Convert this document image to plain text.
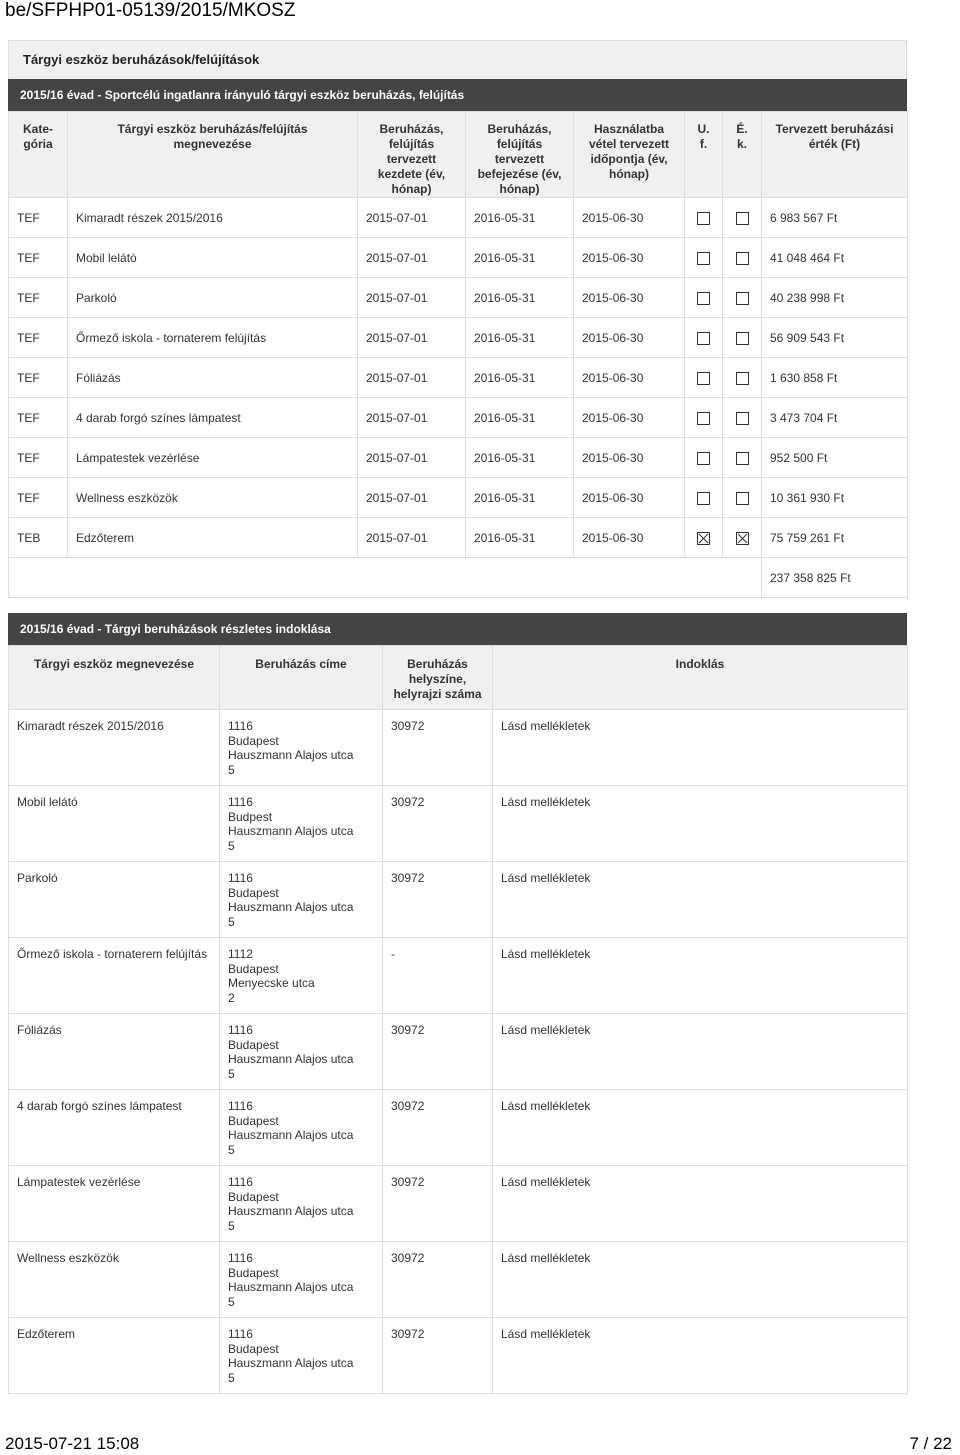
be/SFPHP01-05139/2015/MKOSZ
Tárgyi eszköz beruházások/felújítások
2015/16 évad - Sportcélú ingatlanra irányuló tárgyi eszköz beruházás, felújítás
Kate-
gória	Tárgyi eszköz beruházás/felújítás
megnevezése	Beruházás,
felújítás
tervezett
kezdete (év,
hónap)	Beruházás,
felújítás
tervezett
befejezése (év,
hónap)	Használatba
vétel tervezett
időpontja (év,
hónap)	U.
f.	É.
k.	Tervezett beruházási
érték (Ft)
TEF	Kimaradt részek 2015/2016	2015-07-01	2016-05-31	2015-06-30			6 983 567 Ft
TEF	Mobil lelátó	2015-07-01	2016-05-31	2015-06-30			41 048 464 Ft
TEF	Parkoló	2015-07-01	2016-05-31	2015-06-30			40 238 998 Ft
TEF	Őrmező iskola - tornaterem felújítás	2015-07-01	2016-05-31	2015-06-30			56 909 543 Ft
TEF	Fóliázás	2015-07-01	2016-05-31	2015-06-30			1 630 858 Ft
TEF	4 darab forgó színes lámpatest	2015-07-01	2016-05-31	2015-06-30			3 473 704 Ft
TEF	Lámpatestek vezérlése	2015-07-01	2016-05-31	2015-06-30			952 500 Ft
TEF	Wellness eszközök	2015-07-01	2016-05-31	2015-06-30			10 361 930 Ft
TEB	Edzőterem	2015-07-01	2016-05-31	2015-06-30			75 759 261 Ft
							237 358 825 Ft
2015/16 évad - Tárgyi beruházások részletes indoklása
Tárgyi eszköz megnevezése	Beruházás címe	Beruházás
helyszíne,
helyrajzi száma	Indoklás
Kimaradt részek 2015/2016	1116
Budapest
Hauszmann Alajos utca
5	30972	Lásd mellékletek
Mobil lelátó	1116
Budpest
Hauszmann Alajos utca
5	30972	Lásd mellékletek
Parkoló	1116
Budapest
Hauszmann Alajos utca
5	30972	Lásd mellékletek
Őrmező iskola - tornaterem felújítás	1112
Budapest
Menyecske utca
2	-	Lásd mellékletek
Fóliázás	1116
Budapest
Hauszmann Alajos utca
5	30972	Lásd mellékletek
4 darab forgó színes lámpatest	1116
Budapest
Hauszmann Alajos utca
5	30972	Lásd mellékletek
Lámpatestek vezérlése	1116
Budapest
Hauszmann Alajos utca
5	30972	Lásd mellékletek
Wellness eszközök	1116
Budapest
Hauszmann Alajos utca
5	30972	Lásd mellékletek
Edzőterem	1116
Budapest
Hauszmann Alajos utca
5	30972	Lásd mellékletek
2015-07-21 15:08	7 / 22
